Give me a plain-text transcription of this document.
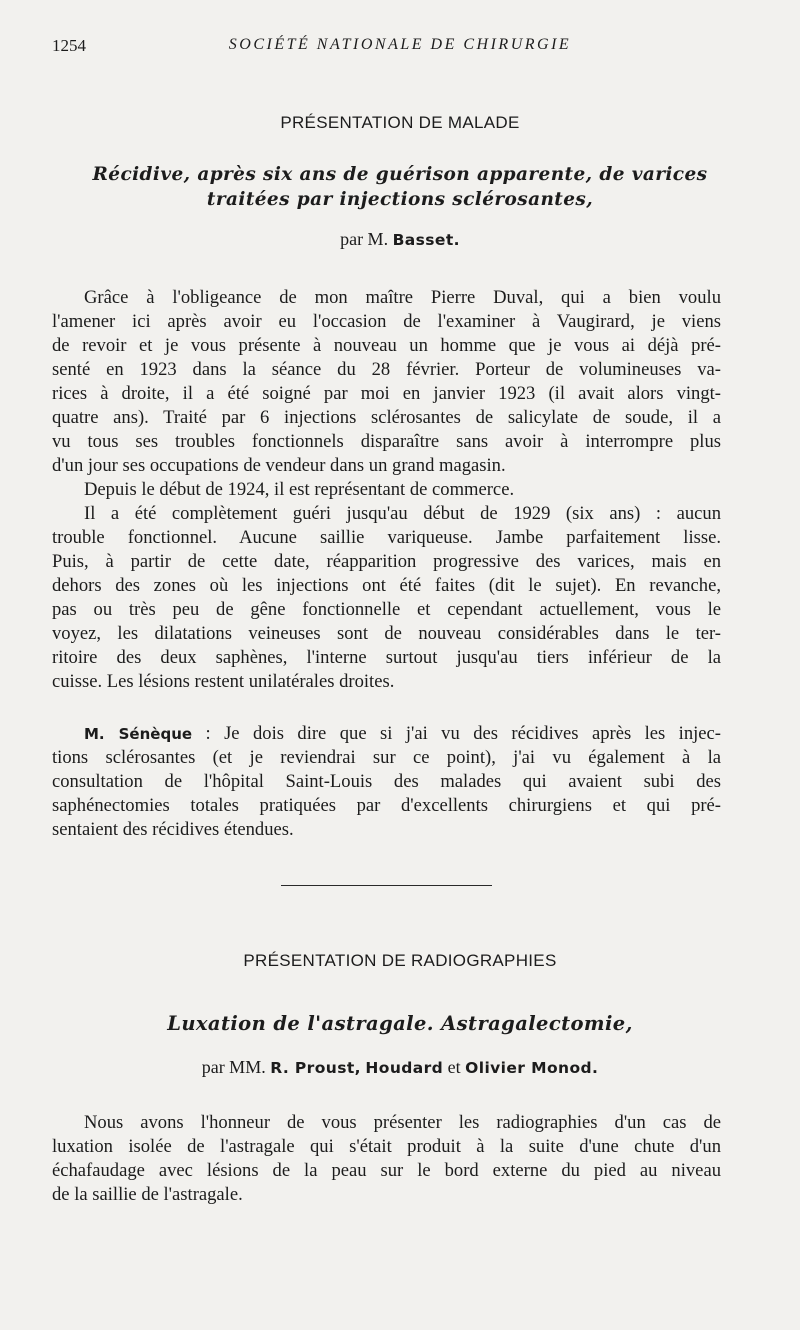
1254	SOCIÉTÉ NATIONALE DE CHIRURGIE
PRÉSENTATION DE MALADE
Récidive, après six ans de guérison apparente, de varices
traitées par injections sclérosantes,
par M. Basset.
Grâce à l'obligeance de mon maître Pierre Duval, qui a bien voulu
l'amener ici après avoir eu l'occasion de l'examiner à Vaugirard, je viens
de revoir et je vous présente à nouveau un homme que je vous ai déjà pré-
senté en 1923 dans la séance du 28 février. Porteur de volumineuses va-
rices à droite, il a été soigné par moi en janvier 1923 (il avait alors vingt-
quatre ans). Traité par 6 injections sclérosantes de salicylate de soude, il a
vu tous ses troubles fonctionnels disparaître sans avoir à interrompre plus
d'un jour ses occupations de vendeur dans un grand magasin.
Depuis le début de 1924, il est représentant de commerce.
Il a été complètement guéri jusqu'au début de 1929 (six ans) : aucun
trouble fonctionnel. Aucune saillie variqueuse. Jambe parfaitement lisse.
Puis, à partir de cette date, réapparition progressive des varices, mais en
dehors des zones où les injections ont été faites (dit le sujet). En revanche,
pas ou très peu de gêne fonctionnelle et cependant actuellement, vous le
voyez, les dilatations veineuses sont de nouveau considérables dans le ter-
ritoire des deux saphènes, l'interne surtout jusqu'au tiers inférieur de la
cuisse. Les lésions restent unilatérales droites.
M. Sénèque : Je dois dire que si j'ai vu des récidives après les injec-
tions sclérosantes (et je reviendrai sur ce point), j'ai vu également à la
consultation de l'hôpital Saint-Louis des malades qui avaient subi des
saphénectomies totales pratiquées par d'excellents chirurgiens et qui pré-
sentaient des récidives étendues.
PRÉSENTATION DE RADIOGRAPHIES
Luxation de l'astragale. Astragalectomie,
par MM. R. Proust, Houdard et Olivier Monod.
Nous avons l'honneur de vous présenter les radiographies d'un cas de
luxation isolée de l'astragale qui s'était produit à la suite d'une chute d'un
échafaudage avec lésions de la peau sur le bord externe du pied au niveau
de la saillie de l'astragale.
